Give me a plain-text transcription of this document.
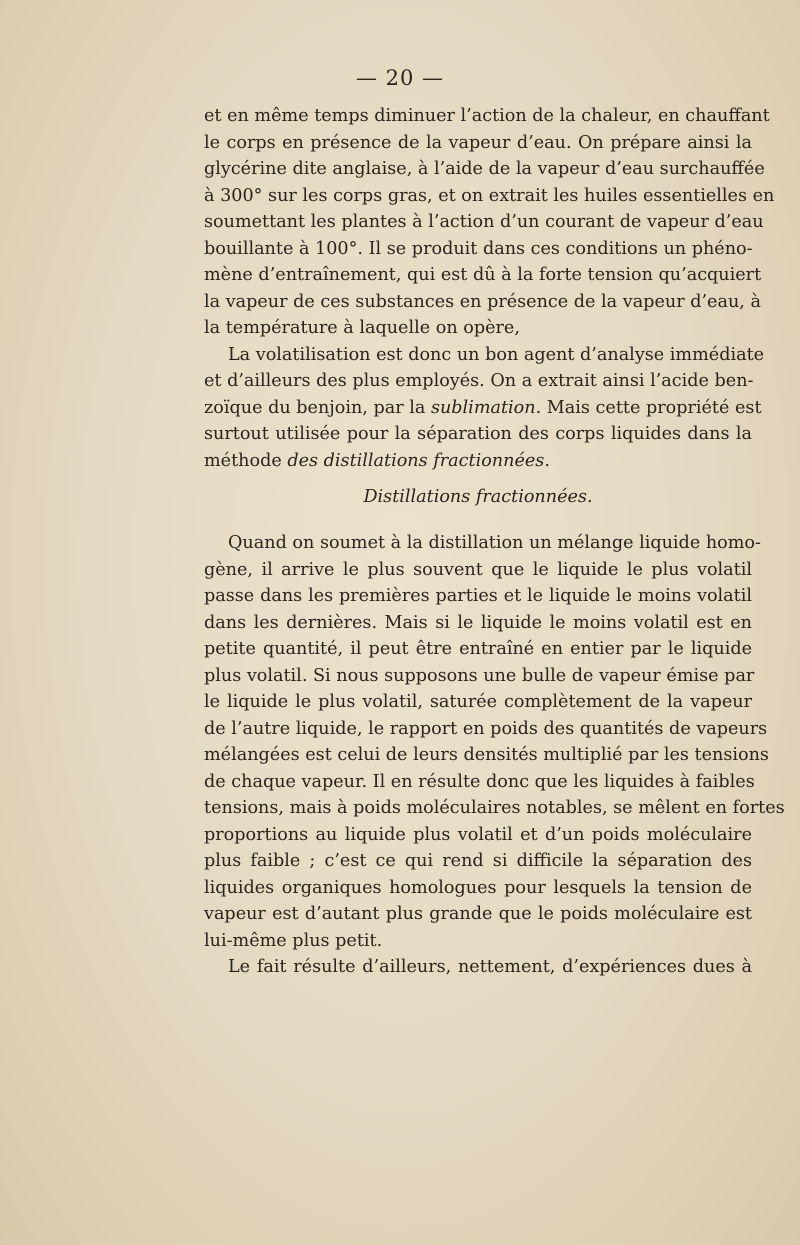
— 20 —
et en même temps diminuer l’action de la chaleur, en chauffant
le corps en présence de la vapeur d’eau. On prépare ainsi la
glycérine dite anglaise, à l’aide de la vapeur d’eau surchauffée
à 300° sur les corps gras, et on extrait les huiles essentielles en
soumettant les plantes à l’action d’un courant de vapeur d’eau
bouillante à 100°. Il se produit dans ces conditions un phéno-
mène d’entraînement, qui est dû à la forte tension qu’acquiert
la vapeur de ces substances en présence de la vapeur d’eau, à
la température à laquelle on opère,
La volatilisation est donc un bon agent d’analyse immédiate
et d’ailleurs des plus employés. On a extrait ainsi l’acide ben-
zoïque du benjoin, par la sublimation. Mais cette propriété est
surtout utilisée pour la séparation des corps liquides dans la
méthode des distillations fractionnées.
Distillations fractionnées.
Quand on soumet à la distillation un mélange liquide homo-
gène, il arrive le plus souvent que le liquide le plus volatil
passe dans les premières parties et le liquide le moins volatil
dans les dernières. Mais si le liquide le moins volatil est en
petite quantité, il peut être entraîné en entier par le liquide
plus volatil. Si nous supposons une bulle de vapeur émise par
le liquide le plus volatil, saturée complètement de la vapeur
de l’autre liquide, le rapport en poids des quantités de vapeurs
mélangées est celui de leurs densités multiplié par les tensions
de chaque vapeur. Il en résulte donc que les liquides à faibles
tensions, mais à poids moléculaires notables, se mêlent en fortes
proportions au liquide plus volatil et d’un poids moléculaire
plus faible ; c’est ce qui rend si difficile la séparation des
liquides organiques homologues pour lesquels la tension de
vapeur est d’autant plus grande que le poids moléculaire est
lui-même plus petit.
Le fait résulte d’ailleurs, nettement, d’expériences dues à
